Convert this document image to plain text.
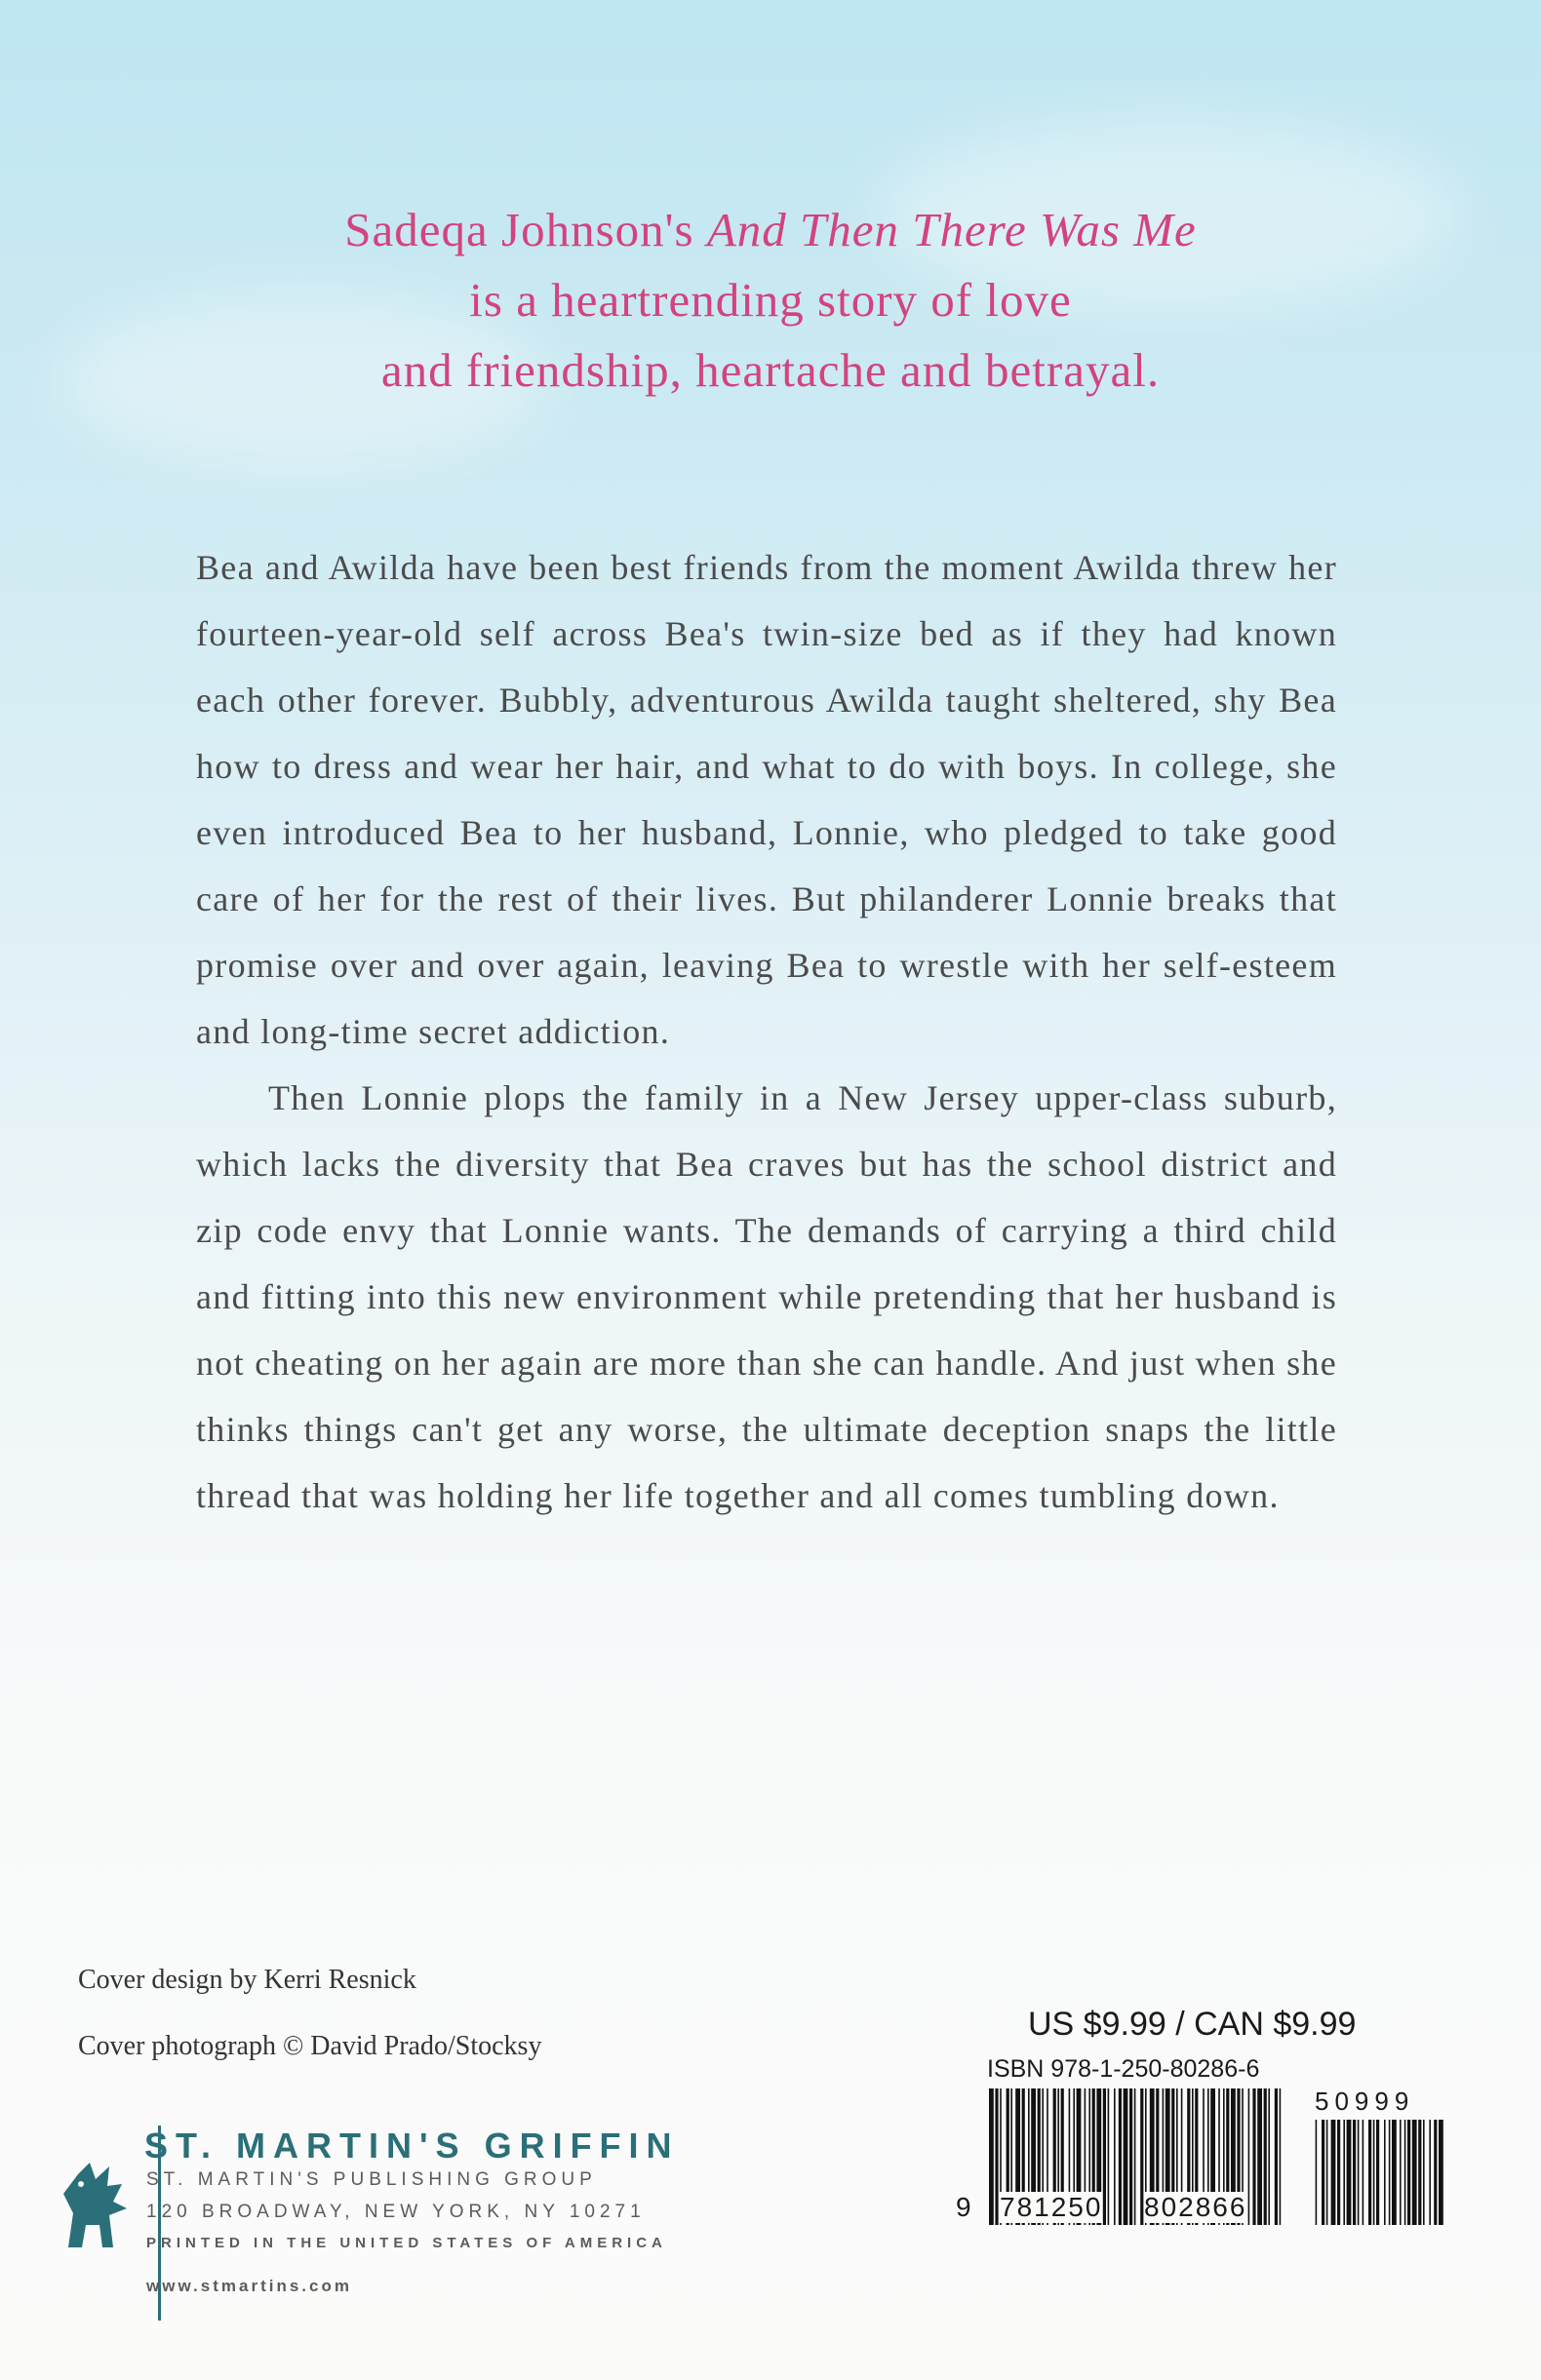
Sadeqa Johnson's And Then There Was Me
is a heartrending story of love
and friendship, heartache and betrayal.

Bea and Awilda have been best friends from the moment Awilda threw her fourteen-year-old self across Bea's twin-size bed as if they had known each other forever. Bubbly, adventurous Awilda taught sheltered, shy Bea how to dress and wear her hair, and what to do with boys. In college, she even introduced Bea to her husband, Lonnie, who pledged to take good care of her for the rest of their lives. But philanderer Lonnie breaks that promise over and over again, leaving Bea to wrestle with her self-esteem and long-time secret addiction.

Then Lonnie plops the family in a New Jersey upper-class suburb, which lacks the diversity that Bea craves but has the school district and zip code envy that Lonnie wants. The demands of carrying a third child and fitting into this new environment while pretending that her husband is not cheating on her again are more than she can handle. And just when she thinks things can't get any worse, the ultimate deception snaps the little thread that was holding her life together and all comes tumbling down.

Cover design by Kerri Resnick
Cover photograph © David Prado/Stocksy
ST. MARTIN'S GRIFFIN
ST. MARTIN'S PUBLISHING GROUP
120 BROADWAY, NEW YORK, NY 10271
PRINTED IN THE UNITED STATES OF AMERICA
www.stmartins.com
US $9.99 / CAN $9.99
ISBN 978-1-250-80286-6
50999
9 781250 802866
